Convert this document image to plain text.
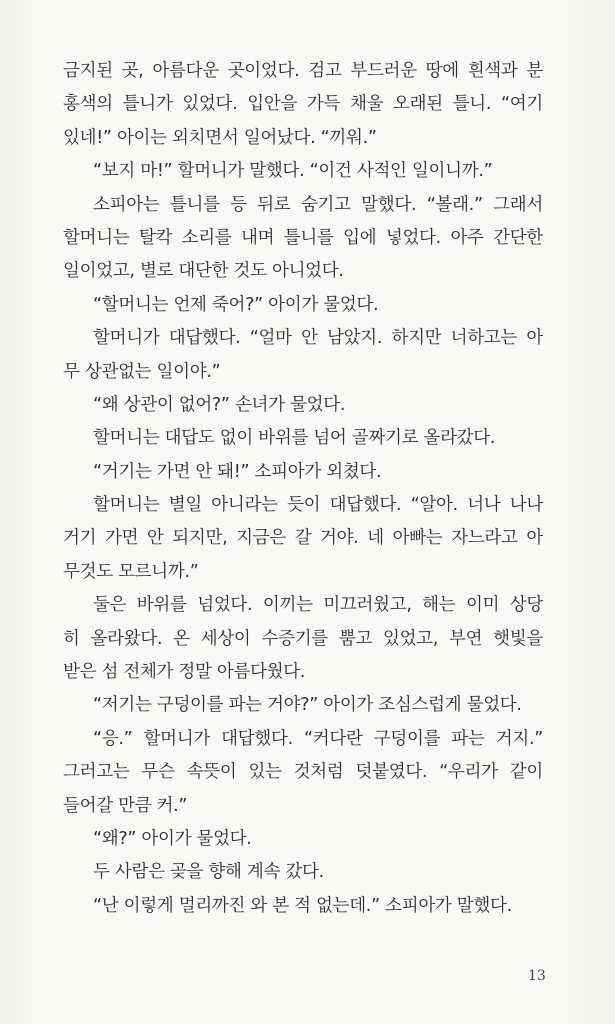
금지된 곳, 아름다운 곳이었다. 검고 부드러운 땅에 흰색과 분
홍색의 틀니가 있었다. 입안을 가득 채울 오래된 틀니. “여기
있네!” 아이는 외치면서 일어났다. “끼워.”
“보지 마!” 할머니가 말했다. “이건 사적인 일이니까.”
소피아는 틀니를 등 뒤로 숨기고 말했다. “볼래.” 그래서
할머니는 탈칵 소리를 내며 틀니를 입에 넣었다. 아주 간단한
일이었고, 별로 대단한 것도 아니었다.
“할머니는 언제 죽어?” 아이가 물었다.
할머니가 대답했다. “얼마 안 남았지. 하지만 너하고는 아
무 상관없는 일이야.”
“왜 상관이 없어?” 손녀가 물었다.
할머니는 대답도 없이 바위를 넘어 골짜기로 올라갔다.
“거기는 가면 안 돼!” 소피아가 외쳤다.
할머니는 별일 아니라는 듯이 대답했다. “알아. 너나 나나
거기 가면 안 되지만, 지금은 갈 거야. 네 아빠는 자느라고 아
무것도 모르니까.”
둘은 바위를 넘었다. 이끼는 미끄러웠고, 해는 이미 상당
히 올라왔다. 온 세상이 수증기를 뿜고 있었고, 부연 햇빛을
받은 섬 전체가 정말 아름다웠다.
“저기는 구덩이를 파는 거야?” 아이가 조심스럽게 물었다.
“응.” 할머니가 대답했다. “커다란 구덩이를 파는 거지.”
그러고는 무슨 속뜻이 있는 것처럼 덧붙였다. “우리가 같이
들어갈 만큼 커.”
“왜?” 아이가 물었다.
두 사람은 곶을 향해 계속 갔다.
“난 이렇게 멀리까진 와 본 적 없는데.” 소피아가 말했다.
13
